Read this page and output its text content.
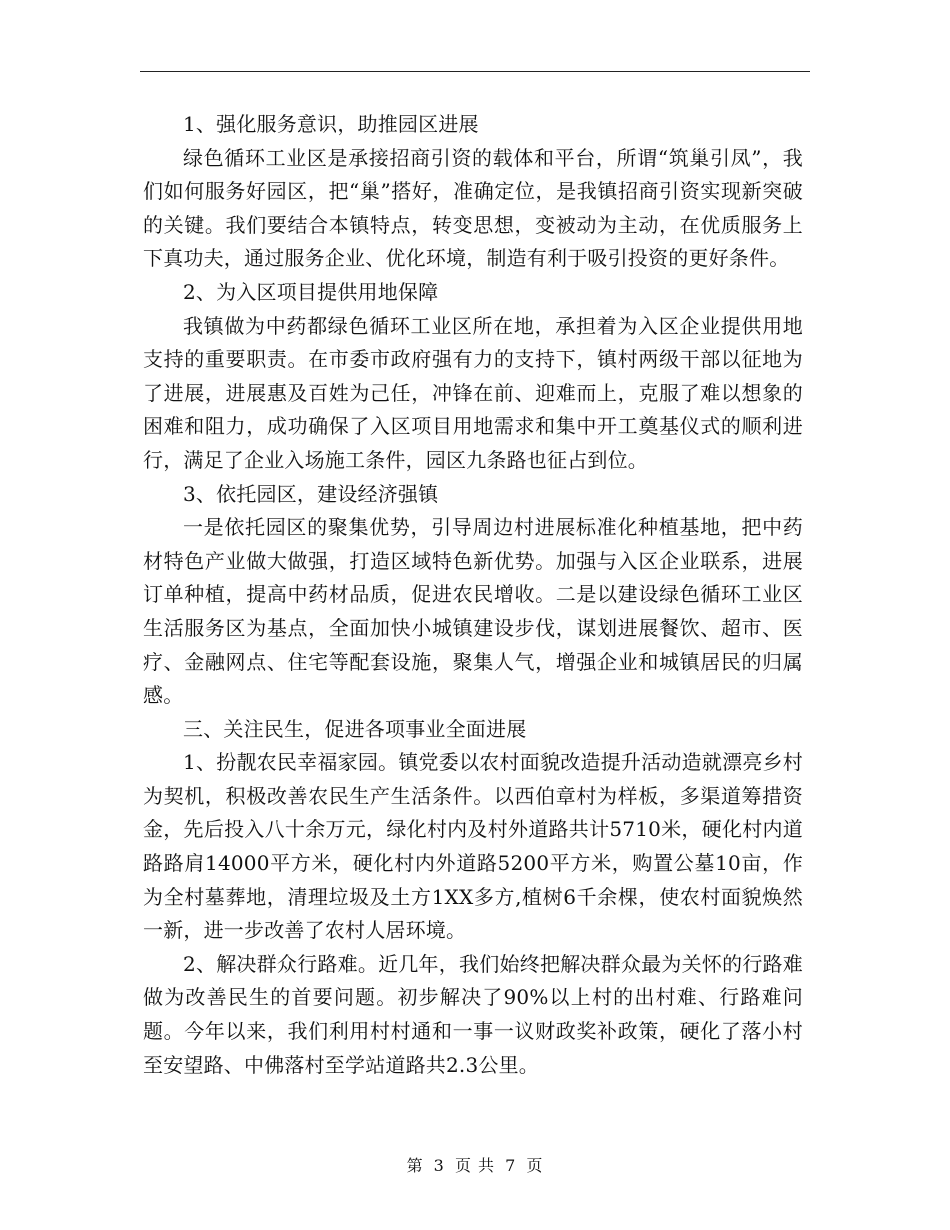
1、强化服务意识，助推园区进展

绿色循环工业区是承接招商引资的载体和平台，所谓“筑巢引凤”，我们如何服务好园区，把“巢”搭好，准确定位，是我镇招商引资实现新突破的关键。我们要结合本镇特点，转变思想，变被动为主动，在优质服务上下真功夫，通过服务企业、优化环境，制造有利于吸引投资的更好条件。

2、为入区项目提供用地保障

我镇做为中药都绿色循环工业区所在地，承担着为入区企业提供用地支持的重要职责。在市委市政府强有力的支持下，镇村两级干部以征地为了进展，进展惠及百姓为己任，冲锋在前、迎难而上，克服了难以想象的困难和阻力，成功确保了入区项目用地需求和集中开工奠基仪式的顺利进行，满足了企业入场施工条件，园区九条路也征占到位。

3、依托园区，建设经济强镇

一是依托园区的聚集优势，引导周边村进展标准化种植基地，把中药材特色产业做大做强，打造区域特色新优势。加强与入区企业联系，进展订单种植，提高中药材品质，促进农民增收。二是以建设绿色循环工业区生活服务区为基点，全面加快小城镇建设步伐，谋划进展餐饮、超市、医疗、金融网点、住宅等配套设施，聚集人气，增强企业和城镇居民的归属感。

三、关注民生，促进各项事业全面进展

1、扮靓农民幸福家园。镇党委以农村面貌改造提升活动造就漂亮乡村为契机，积极改善农民生产生活条件。以西伯章村为样板，多渠道筹措资金，先后投入八十余万元，绿化村内及村外道路共计5710米，硬化村内道路路肩14000平方米，硬化村内外道路5200平方米，购置公墓10亩，作为全村墓葬地，清理垃圾及土方1XX多方,植树6千余棵，使农村面貌焕然一新，进一步改善了农村人居环境。

2、解决群众行路难。近几年，我们始终把解决群众最为关怀的行路难做为改善民生的首要问题。初步解决了90%以上村的出村难、行路难问题。今年以来，我们利用村村通和一事一议财政奖补政策，硬化了落小村至安望路、中佛落村至学站道路共2.3公里。

第 3 页 共 7 页
